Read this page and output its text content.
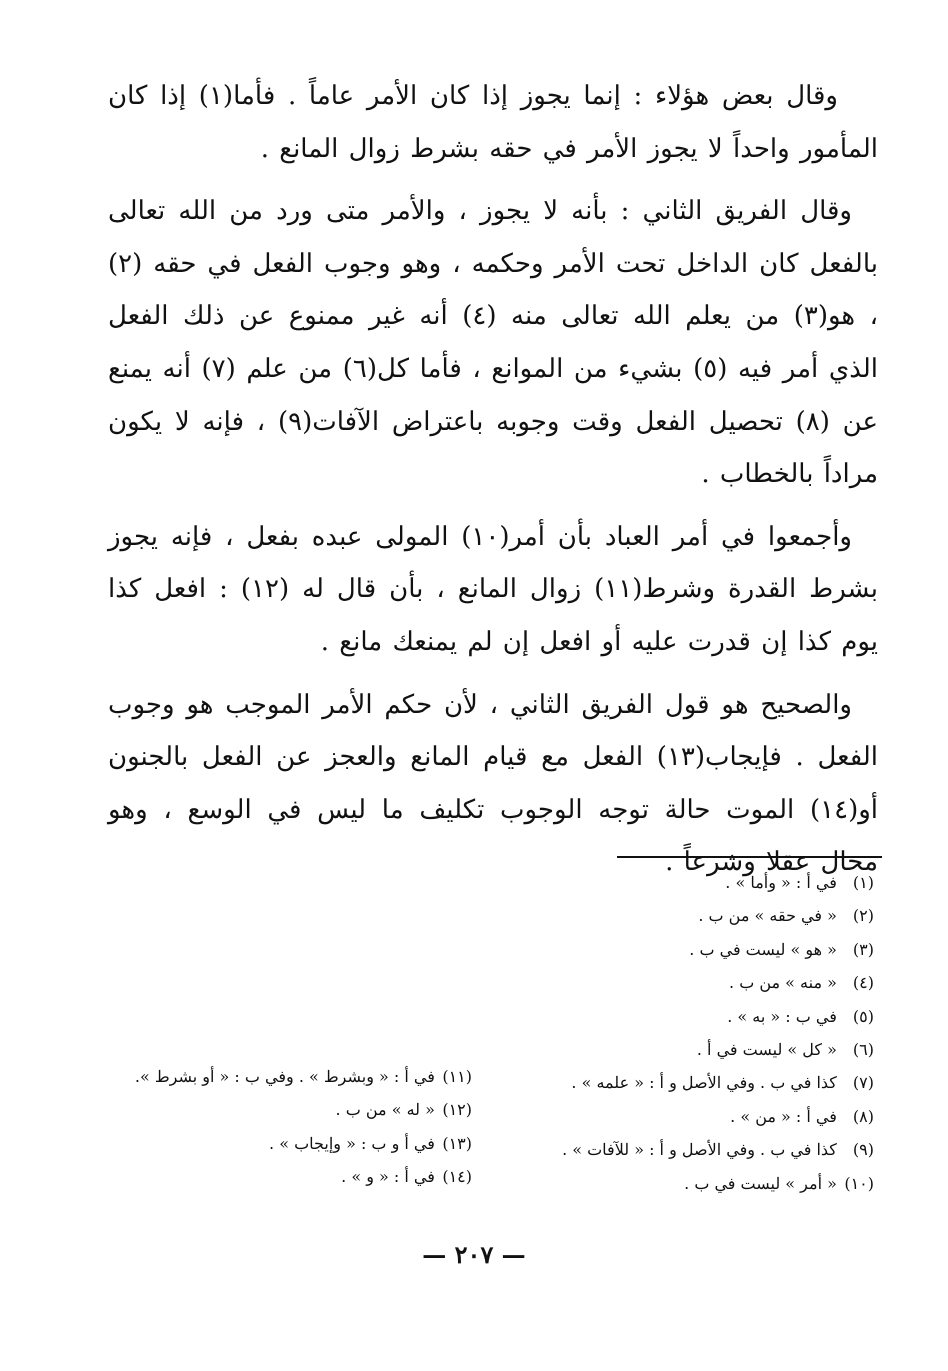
وقال بعض هؤلاء : إنما يجوز إذا كان الأمر عاماً . فأما(١) إذا كان المأمور واحداً لا يجوز الأمر في حقه بشرط زوال المانع .

وقال الفريق الثاني : بأنه لا يجوز ، والأمر متى ورد من الله تعالى بالفعل كان الداخل تحت الأمر وحكمه ، وهو وجوب الفعل في حقه (٢) ، هو(٣) من يعلم الله تعالى منه (٤) أنه غير ممنوع عن ذلك الفعل الذي أمر فيه (٥) بشيء من الموانع ، فأما كل(٦) من علم (٧) أنه يمنع عن (٨) تحصيل الفعل وقت وجوبه باعتراض الآفات(٩) ، فإنه لا يكون مراداً بالخطاب .

وأجمعوا في أمر العباد بأن أمر(١٠) المولى عبده بفعل ، فإنه يجوز بشرط القدرة وشرط(١١) زوال المانع ، بأن قال له (١٢) : افعل كذا يوم كذا إن قدرت عليه أو افعل إن لم يمنعك مانع .

والصحيح هو قول الفريق الثاني ، لأن حكم الأمر الموجب هو وجوب الفعل . فإيجاب(١٣) الفعل مع قيام المانع والعجز عن الفعل بالجنون أو(١٤) الموت حالة توجه الوجوب تكليف ما ليس في الوسع ، وهو محال عقلا وشرعاً .

(١) في أ : « وأما » .
(٢) « في حقه » من ب .
(٣) « هو » ليست في ب .
(٤) « منه » من ب .
(٥) في ب : « به » .
(٦) « كل » ليست في أ .
(٧) كذا في ب . وفي الأصل و أ : « علمه » .
(٨) في أ : « من » .
(٩) كذا في ب . وفي الأصل و أ : « للآفات » .
(١٠) « أمر » ليست في ب .
(١١) في أ : « وبشرط » . وفي ب : « أو بشرط ».
(١٢) « له » من ب .
(١٣) في أ و ب : « وإيجاب » .
(١٤) في أ : « و » .
— ٢٠٧ —
